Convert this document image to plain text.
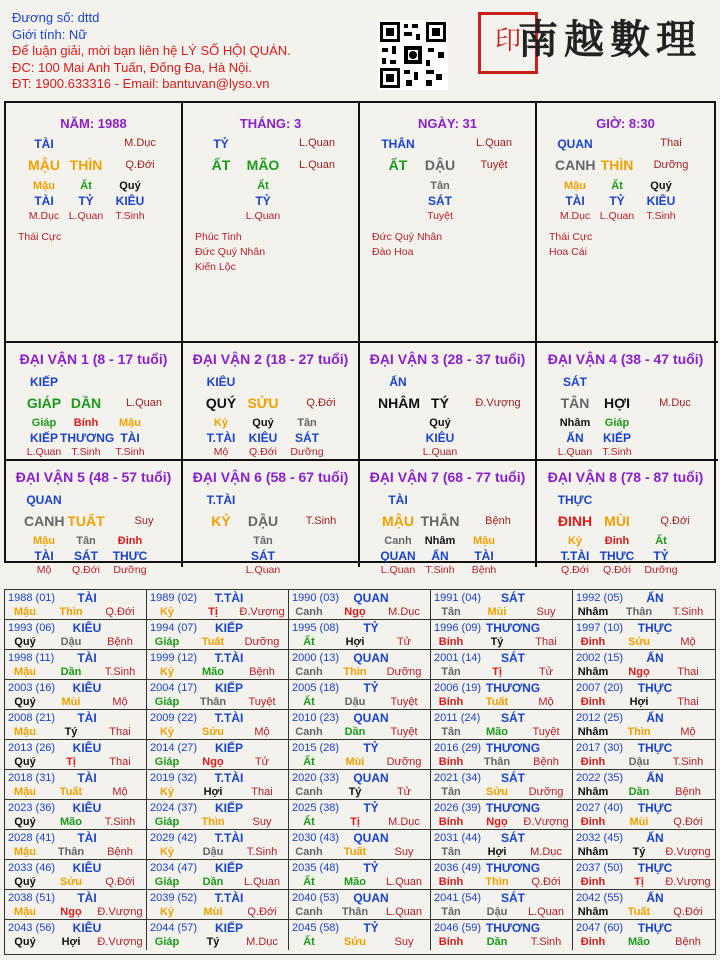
Đương số: dttd
Giới tính: Nữ
Để luận giải, mời bạn liên hệ LÝ SỐ HỘI QUÁN.
ĐC: 100 Mai Anh Tuấn, Đống Đa, Hà Nội.
ĐT: 1900.633316 - Email: bantuvan@lyso.vn
印
南越數理
NĂM: 1988
TÀI	M.Dục
MẬU THÌN	Q.Đới
Mậu
TÀI
M.Dục
Ất
TỶ
L.Quan
Quý
KIÊU
T.Sinh
Thái Cực
THÁNG: 3
TỶ	L.Quan
ẤT	MÃO	L.Quan
Ất
TỶ
L.Quan
Phúc Tinh
Đức Quý Nhân
Kiến Lộc
NGÀY: 31
THÂN	L.Quan
ẤT	DẬU	Tuyệt
Tân
SÁT
Tuyệt
Đức Quý Nhân
Đào Hoa
GIỜ: 8:30
QUAN	Thai
CANH THÌN	Dưỡng
Mậu
TÀI
M.Dục
Ất
TỶ
L.Quan
Quý
KIÊU
T.Sinh
Thái Cực
Hoa Cái
ĐẠI VẬN 1 (8 - 17 tuổi)
KIẾP
GIÁP DẦN	L.Quan
Giáp
KIẾP
L.Quan
Bính
THƯƠNG
T.Sinh
Mậu
TÀI
T.Sinh
ĐẠI VẬN 2 (18 - 27 tuổi)
KIÊU
QUÝ SỬU	Q.Đới
Kỷ
T.TÀI
Mộ
Quý
KIÊU
Q.Đới
Tân
SÁT
Dưỡng
ĐẠI VẬN 3 (28 - 37 tuổi)
ẤN
NHÂM TÝ	Đ.Vượng
Quý
KIÊU
L.Quan
ĐẠI VẬN 4 (38 - 47 tuổi)
SÁT
TÂN	HỢI	M.Dục
Nhâm
ẤN
L.Quan
Giáp
KIẾP
T.Sinh
ĐẠI VẬN 5 (48 - 57 tuổi)
QUAN
CANH TUẤT	Suy
Mậu
TÀI
Mộ
Tân
SÁT
Q.Đới
Đinh
THỰC
Dưỡng
ĐẠI VẬN 6 (58 - 67 tuổi)
T.TÀI
KỶ	DẬU	T.Sinh
Tân
SÁT
L.Quan
ĐẠI VẬN 7 (68 - 77 tuổi)
TÀI
MẬU THÂN	Bệnh
Canh
QUAN
L.Quan
Nhâm
ẤN
T.Sinh
Mậu
TÀI
Bệnh
ĐẠI VẬN 8 (78 - 87 tuổi)
THỰC
ĐINH MÙI	Q.Đới
Kỷ
T.TÀI
Q.Đới
Đinh
THỰC
Q.Đới
Ất
TỶ
Dưỡng
1988 (01)	TÀI
Mậu	Thìn	Q.Đới
1989 (02)	T.TÀI
Kỷ	Tị	Đ.Vượng
1990 (03)	QUAN
Canh	Ngọ	M.Dục
1991 (04)	SÁT
Tân	Mùi	Suy
1992 (05)	ẤN
Nhâm	Thân	T.Sinh
1993 (06)	KIÊU
Quý	Dậu	Bệnh
1994 (07)	KIẾP
Giáp	Tuất	Dưỡng
1995 (08)	TỶ
Ất	Hợi	Tử
1996 (09) THƯƠNG
Bính	Tý	Thai
1997 (10)	THỰC
Đinh	Sửu	Mộ
1998 (11)	TÀI
Mậu	Dần	T.Sinh
1999 (12)	T.TÀI
Kỷ	Mão	Bệnh
2000 (13)	QUAN
Canh	Thìn	Dưỡng
2001 (14)	SÁT
Tân	Tị	Tử
2002 (15)	ẤN
Nhâm	Ngọ	Thai
2003 (16)	KIÊU
Quý	Mùi	Mộ
2004 (17)	KIẾP
Giáp	Thân	Tuyệt
2005 (18)	TỶ
Ất	Dậu	Tuyệt
2006 (19) THƯƠNG
Bính	Tuất	Mộ
2007 (20)	THỰC
Đinh	Hợi	Thai
2008 (21)	TÀI
Mậu	Tý	Thai
2009 (22)	T.TÀI
Kỷ	Sửu	Mộ
2010 (23)	QUAN
Canh	Dần	Tuyệt
2011 (24)	SÁT
Tân	Mão	Tuyệt
2012 (25)	ẤN
Nhâm	Thìn	Mộ
2013 (26)	KIÊU
Quý	Tị	Thai
2014 (27)	KIẾP
Giáp	Ngọ	Tử
2015 (28)	TỶ
Ất	Mùi	Dưỡng
2016 (29) THƯƠNG
Bính	Thân	Bệnh
2017 (30)	THỰC
Đinh	Dậu	T.Sinh
2018 (31)	TÀI
Mậu	Tuất	Mộ
2019 (32)	T.TÀI
Kỷ	Hợi	Thai
2020 (33)	QUAN
Canh	Tý	Tử
2021 (34)	SÁT
Tân	Sửu	Dưỡng
2022 (35)	ẤN
Nhâm	Dần	Bệnh
2023 (36)	KIÊU
Quý	Mão	T.Sinh
2024 (37)	KIẾP
Giáp	Thìn	Suy
2025 (38)	TỶ
Ất	Tị	M.Dục
2026 (39) THƯƠNG
Bính	Ngọ	Đ.Vượng
2027 (40)	THỰC
Đinh	Mùi	Q.Đới
2028 (41)	TÀI
Mậu	Thân	Bệnh
2029 (42)	T.TÀI
Kỷ	Dậu	T.Sinh
2030 (43)	QUAN
Canh	Tuất	Suy
2031 (44)	SÁT
Tân	Hợi	M.Dục
2032 (45)	ẤN
Nhâm	Tý	Đ.Vượng
2033 (46)	KIÊU
Quý	Sửu	Q.Đới
2034 (47)	KIẾP
Giáp	Dần	L.Quan
2035 (48)	TỶ
Ất	Mão	L.Quan
2036 (49) THƯƠNG
Bính	Thìn	Q.Đới
2037 (50)	THỰC
Đinh	Tị	Đ.Vượng
2038 (51)	TÀI
Mậu	Ngọ	Đ.Vượng
2039 (52)	T.TÀI
Kỷ	Mùi	Q.Đới
2040 (53)	QUAN
Canh	Thân	L.Quan
2041 (54)	SÁT
Tân	Dậu	L.Quan
2042 (55)	ẤN
Nhâm	Tuất	Q.Đới
2043 (56)	KIÊU
Quý	Hợi	Đ.Vượng
2044 (57)	KIẾP
Giáp	Tý	M.Dục
2045 (58)	TỶ
Ất	Sửu	Suy
2046 (59) THƯƠNG
Bính	Dần	T.Sinh
2047 (60)	THỰC
Đinh	Mão	Bệnh
